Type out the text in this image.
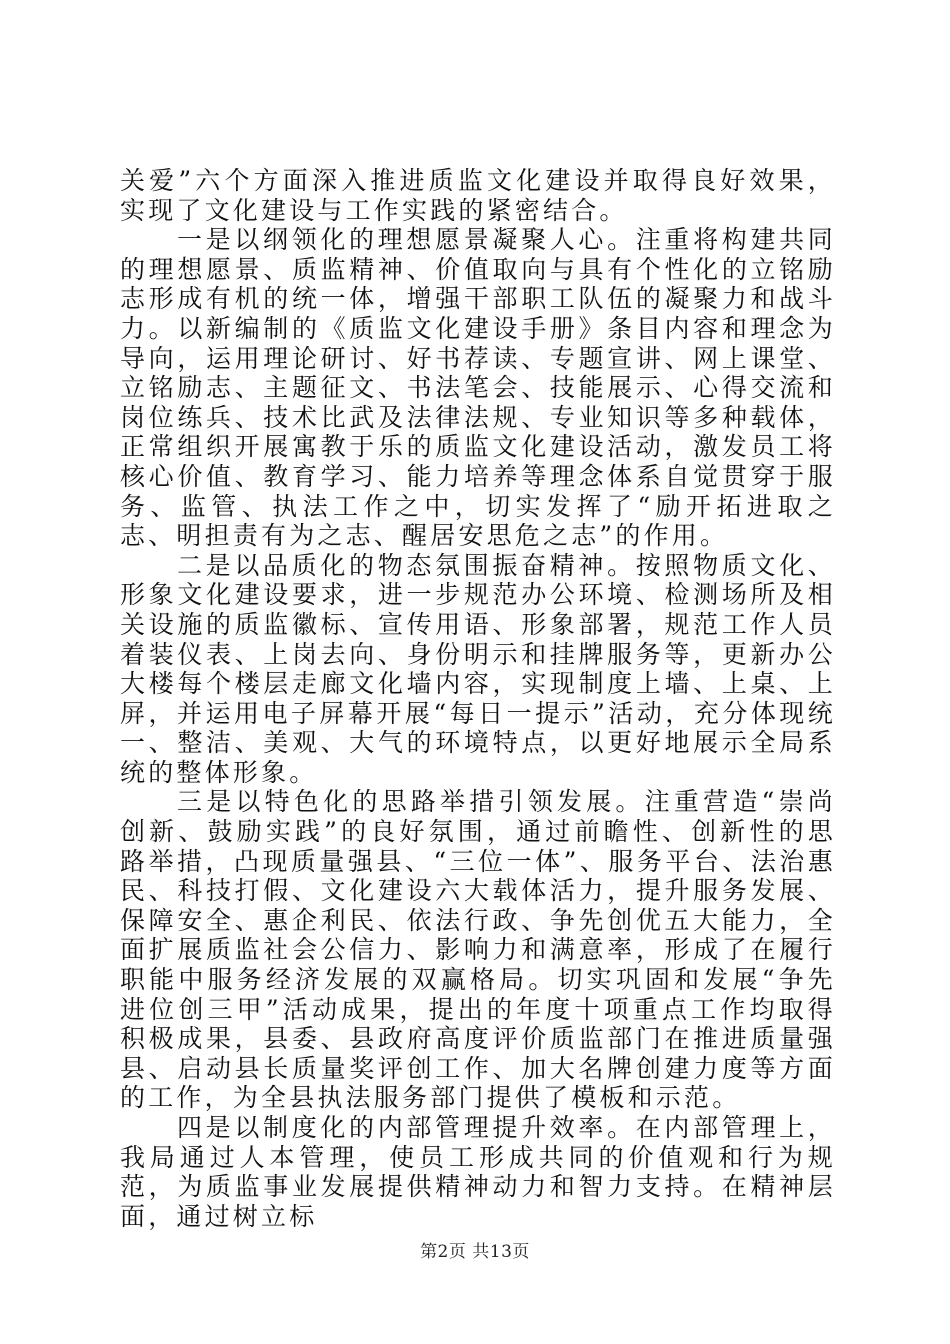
关爱”六个方面深入推进质监文化建设并取得良好效果，实现了文化建设与工作实践的紧密结合。

一是以纲领化的理想愿景凝聚人心。注重将构建共同的理想愿景、质监精神、价值取向与具有个性化的立铭励志形成有机的统一体，增强干部职工队伍的凝聚力和战斗力。以新编制的《质监文化建设手册》条目内容和理念为导向，运用理论研讨、好书荐读、专题宣讲、网上课堂、立铭励志、主题征文、书法笔会、技能展示、心得交流和岗位练兵、技术比武及法律法规、专业知识等多种载体，正常组织开展寓教于乐的质监文化建设活动，激发员工将核心价值、教育学习、能力培养等理念体系自觉贯穿于服务、监管、执法工作之中，切实发挥了“励开拓进取之志、明担责有为之志、醒居安思危之志”的作用。

二是以品质化的物态氛围振奋精神。按照物质文化、形象文化建设要求，进一步规范办公环境、检测场所及相关设施的质监徽标、宣传用语、形象部署，规范工作人员着装仪表、上岗去向、身份明示和挂牌服务等，更新办公大楼每个楼层走廊文化墙内容，实现制度上墙、上桌、上屏，并运用电子屏幕开展“每日一提示”活动，充分体现统一、整洁、美观、大气的环境特点，以更好地展示全局系统的整体形象。

三是以特色化的思路举措引领发展。注重营造“崇尚创新、鼓励实践”的良好氛围，通过前瞻性、创新性的思路举措，凸现质量强县、“三位一体”、服务平台、法治惠民、科技打假、文化建设六大载体活力，提升服务发展、保障安全、惠企利民、依法行政、争先创优五大能力，全面扩展质监社会公信力、影响力和满意率，形成了在履行职能中服务经济发展的双赢格局。切实巩固和发展“争先进位创三甲”活动成果，提出的年度十项重点工作均取得积极成果，县委、县政府高度评价质监部门在推进质量强县、启动县长质量奖评创工作、加大名牌创建力度等方面的工作，为全县执法服务部门提供了模板和示范。

四是以制度化的内部管理提升效率。在内部管理上，我局通过人本管理，使员工形成共同的价值观和行为规范，为质监事业发展提供精神动力和智力支持。在精神层面，通过树立标

第2页 共13页
